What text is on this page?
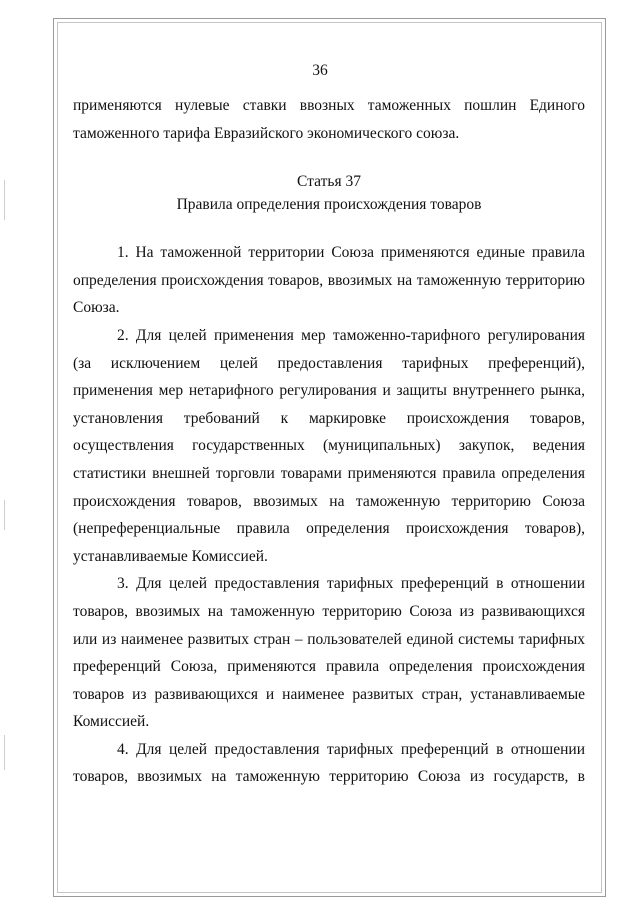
36

применяются нулевые ставки ввозных таможенных пошлин Единого таможенного тарифа Евразийского экономического союза.

Статья 37
Правила определения происхождения товаров

1. На таможенной территории Союза применяются единые правила определения происхождения товаров, ввозимых на таможенную территорию Союза.

2. Для целей применения мер таможенно-тарифного регулирования (за исключением целей предоставления тарифных преференций), применения мер нетарифного регулирования и защиты внутреннего рынка, установления требований к маркировке происхождения товаров, осуществления государственных (муниципальных) закупок, ведения статистики внешней торговли товарами применяются правила определения происхождения товаров, ввозимых на таможенную территорию Союза (непреференциальные правила определения происхождения товаров), устанавливаемые Комиссией.

3. Для целей предоставления тарифных преференций в отношении товаров, ввозимых на таможенную территорию Союза из развивающихся или из наименее развитых стран – пользователей единой системы тарифных преференций Союза, применяются правила определения происхождения товаров из развивающихся и наименее развитых стран, устанавливаемые Комиссией.

4. Для целей предоставления тарифных преференций в отношении товаров, ввозимых на таможенную территорию Союза из государств, в
